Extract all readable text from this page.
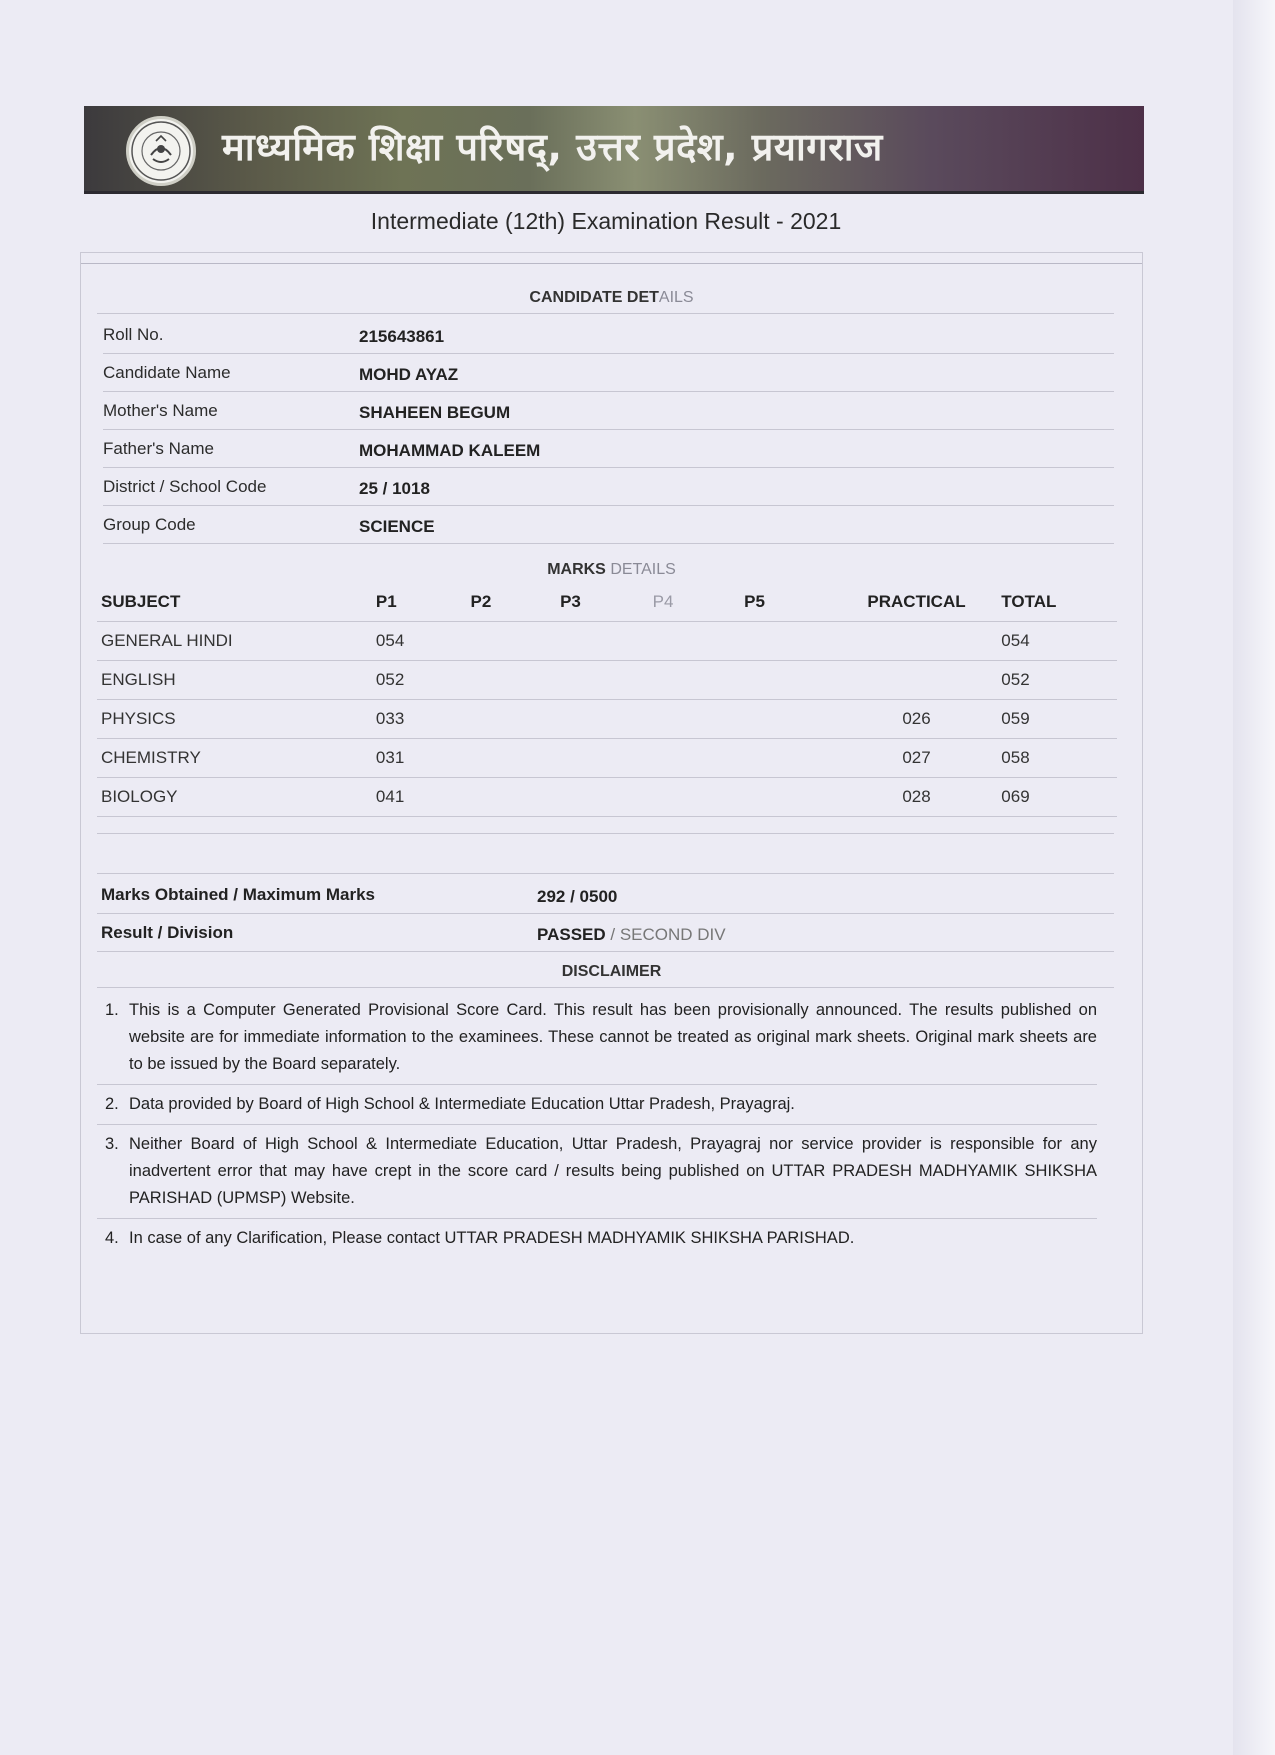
माध्यमिक शिक्षा परिषद्, उत्तर प्रदेश, प्रयागराज
Intermediate (12th) Examination Result - 2021
CANDIDATE DETAILS
Roll No.	215643861
Candidate Name	MOHD AYAZ
Mother's Name	SHAHEEN BEGUM
Father's Name	MOHAMMAD KALEEM
District / School Code	25 / 1018
Group Code	SCIENCE
MARKS DETAILS
SUBJECT	P1	P2	P3	P4	P5	PRACTICAL	TOTAL
GENERAL HINDI	054						054
ENGLISH	052						052
PHYSICS	033					026	059
CHEMISTRY	031					027	058
BIOLOGY	041					028	069
Marks Obtained / Maximum Marks	292 / 0500
Result / Division	PASSED / SECOND DIV
DISCLAIMER
1. This is a Computer Generated Provisional Score Card. This result has been provisionally announced. The results published on website are for immediate information to the examinees. These cannot be treated as original mark sheets. Original mark sheets are to be issued by the Board separately.
2. Data provided by Board of High School & Intermediate Education Uttar Pradesh, Prayagraj.
3. Neither Board of High School & Intermediate Education, Uttar Pradesh, Prayagraj nor service provider is responsible for any inadvertent error that may have crept in the score card / results being published on UTTAR PRADESH MADHYAMIK SHIKSHA PARISHAD (UPMSP) Website.
4. In case of any Clarification, Please contact UTTAR PRADESH MADHYAMIK SHIKSHA PARISHAD.
